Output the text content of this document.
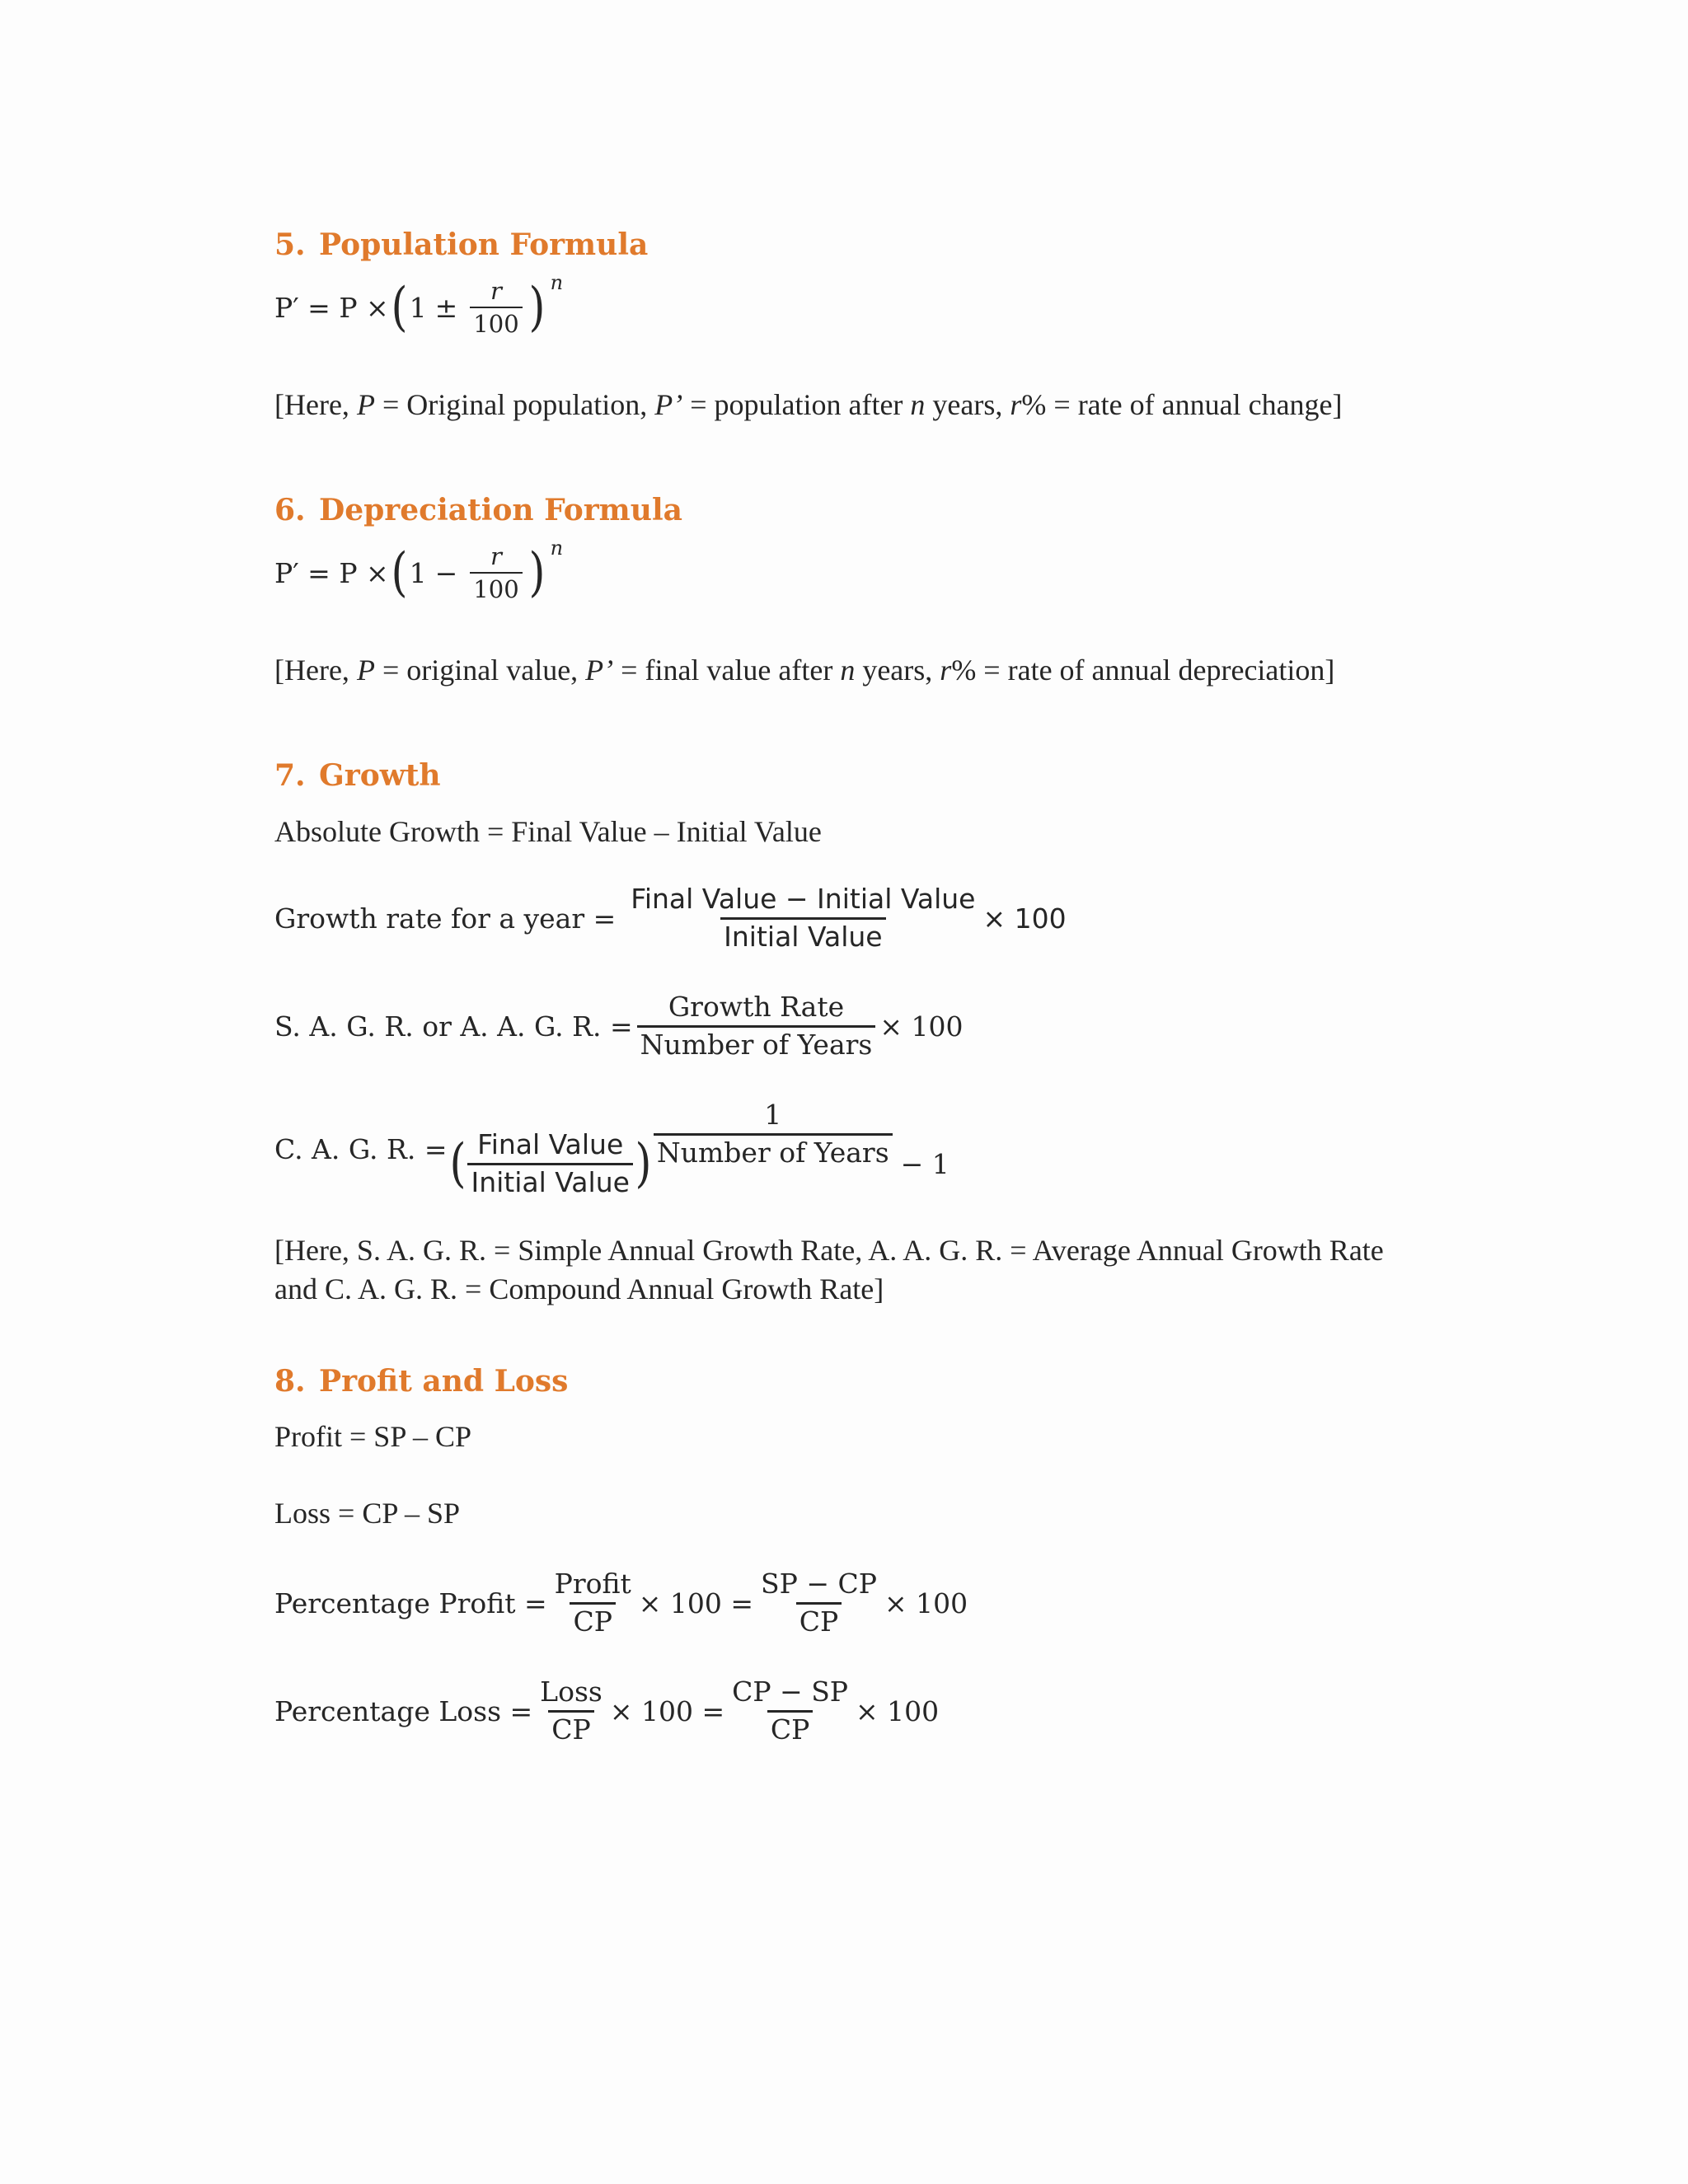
5. Population Formula
P′ = P × ( $1 \pm \frac{r}{100}$ ) n
[Here, P = Original population, P’ = population after n years, r% = rate of annual change]
6. Depreciation Formula
P′ = P × ( $1 - \frac{r}{100}$ ) n
[Here, P = original value, P’ = final value after n years, r% = rate of annual depreciation]
7. Growth
Absolute Growth = Final Value – Initial Value
Growth rate for a year = $\frac{\text{Final Value − Initial Value}}{\text{Initial Value}} \times 100$
S. A. G. R. or A. A. G. R. = $\frac{\text{Growth Rate}}{\text{Number of Years}} \times 100$
C. A. G. R. = ( $\frac{\text{Final Value}}{\text{Initial Value}}$ ) $\frac{1}{\text{Number of Years}} - 1$
[Here, S. A. G. R. = Simple Annual Growth Rate, A. A. G. R. = Average Annual Growth Rate
and C. A. G. R. = Compound Annual Growth Rate]
8. Profit and Loss
Profit = SP – CP
Loss = CP – SP
Percentage Profit = $\frac{\text{Profit}}{CP} \times 100 = \frac{SP - CP}{CP} \times 100$
Percentage Loss = $\frac{\text{Loss}}{CP} \times 100 = \frac{CP - SP}{CP} \times 100$
